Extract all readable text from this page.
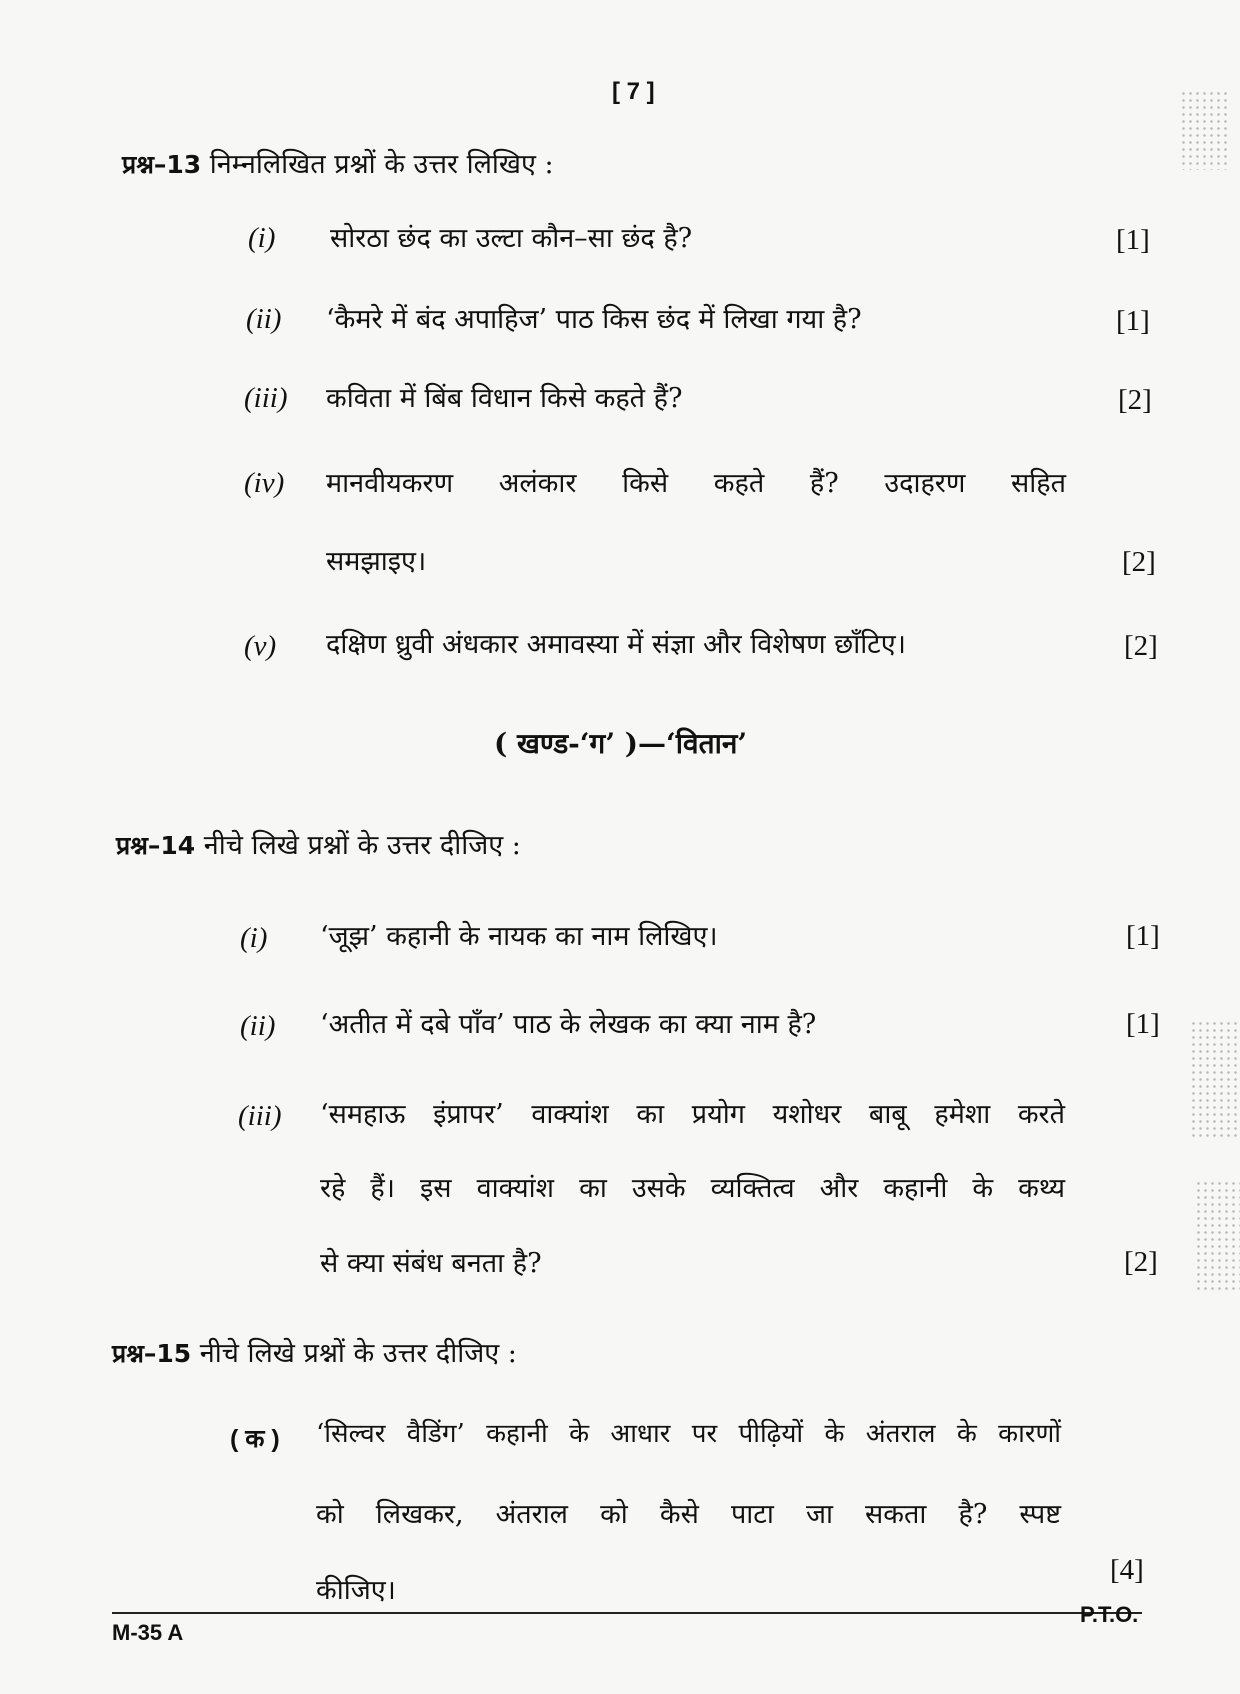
[ 7 ]
प्रश्न–13 निम्नलिखित प्रश्नों के उत्तर लिखिए :
(i) सोरठा छंद का उल्टा कौन–सा छंद है?	[1]
(ii) ‘कैमरे में बंद अपाहिज’ पाठ किस छंद में लिखा गया है?	[1]
(iii) कविता में बिंब विधान किसे कहते हैं?	[2]
(iv) मानवीयकरण अलंकार किसे कहते हैं? उदाहरण सहित
समझाइए।	[2]
(v) दक्षिण ध्रुवी अंधकार अमावस्या में संज्ञा और विशेषण छाँटिए।	[2]
( खण्ड-‘ग’ )—‘वितान’
प्रश्न–14 नीचे लिखे प्रश्नों के उत्तर दीजिए :
(i) ‘जूझ’ कहानी के नायक का नाम लिखिए।	[1]
(ii) ‘अतीत में दबे पाँव’ पाठ के लेखक का क्या नाम है?	[1]
(iii) ‘समहाऊ इंप्रापर’ वाक्यांश का प्रयोग यशोधर बाबू हमेशा करते
रहे हैं। इस वाक्यांश का उसके व्यक्तित्व और कहानी के कथ्य
से क्या संबंध बनता है?	[2]
प्रश्न–15 नीचे लिखे प्रश्नों के उत्तर दीजिए :
( क ) ‘सिल्वर वैडिंग’ कहानी के आधार पर पीढ़ियों के अंतराल के कारणों
को लिखकर, अंतराल को कैसे पाटा जा सकता है? स्पष्ट
कीजिए।
[4]
M-35 A
P.T.O.
